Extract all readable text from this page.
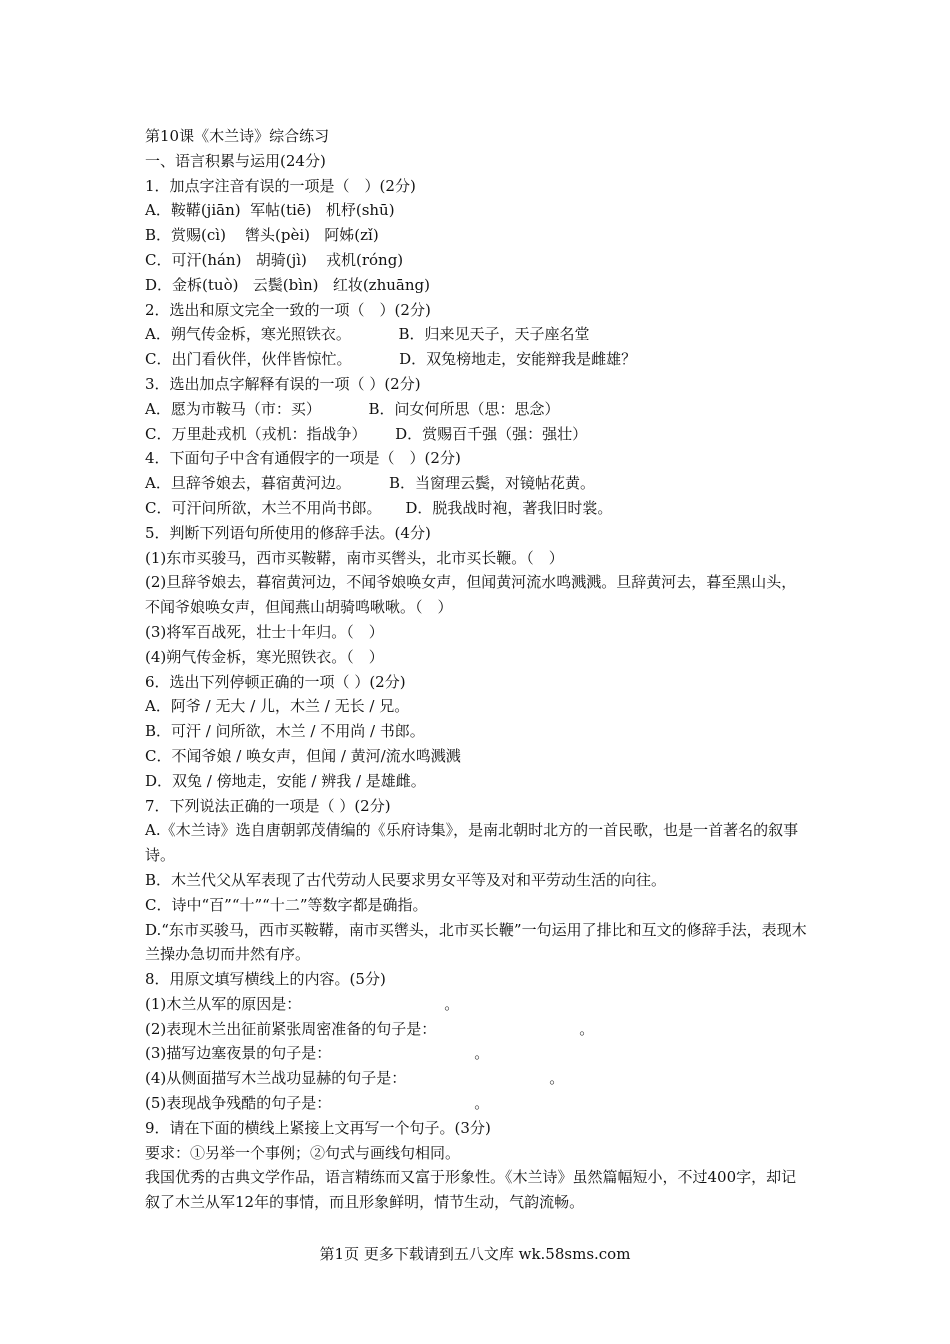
第10课《木兰诗》综合练习
一、语言积累与运用(24分)
1．加点字注音有误的一项是（　）(2分)
A．鞍鞯(jiān)  军帖(tiē)   机杼(shū)
B．赏赐(cì)    辔头(pèi)   阿姊(zǐ)
C．可汗(hán)   胡骑(jì)    戎机(róng)
D．金柝(tuò)   云鬓(bìn)   红妆(zhuāng)
2．选出和原文完全一致的一项（　）(2分)
A．朔气传金柝，寒光照铁衣。          B．归来见天子，天子座名堂
C．出门看伙伴，伙伴皆惊忙。          D．双兔榜地走，安能辩我是雌雄？
3．选出加点字解释有误的一项（ ）(2分)
A．愿为市鞍马（市：买）          B．问女何所思（思：思念）
C．万里赴戎机（戎机：指战争）      D．赏赐百千强（强：强壮）
4．下面句子中含有通假字的一项是（　）(2分)
A．旦辞爷娘去，暮宿黄河边。        B．当窗理云鬓，对镜帖花黄。
C．可汗问所欲，木兰不用尚书郎。     D．脱我战时袍，著我旧时裳。
5．判断下列语句所使用的修辞手法。(4分)
(1)东市买骏马，西市买鞍鞯，南市买辔头，北市买长鞭。（　）
(2)旦辞爷娘去，暮宿黄河边，不闻爷娘唤女声，但闻黄河流水鸣溅溅。旦辞黄河去，暮至黑山头，不闻爷娘唤女声，但闻燕山胡骑鸣啾啾。（　）
(3)将军百战死，壮士十年归。（　）
(4)朔气传金柝，寒光照铁衣。（　）
6．选出下列停顿正确的一项（ ）(2分)
A．阿爷 / 无大 / 儿，木兰 / 无长 / 兄。
B．可汗 / 问所欲，木兰 / 不用尚 / 书郎。
C．不闻爷娘 / 唤女声，但闻 / 黄河/流水鸣溅溅
D．双兔 / 傍地走，安能 / 辨我 / 是雄雌。
7．下列说法正确的一项是（ ）(2分)
A.《木兰诗》选自唐朝郭茂倩编的《乐府诗集》，是南北朝时北方的一首民歌，也是一首著名的叙事诗。
B．木兰代父从军表现了古代劳动人民要求男女平等及对和平劳动生活的向往。
C．诗中“百”“十”“十二”等数字都是确指。
D.“东市买骏马，西市买鞍鞯，南市买辔头，北市买长鞭”一句运用了排比和互文的修辞手法，表现木兰操办急切而井然有序。
8．用原文填写横线上的内容。(5分)
(1)木兰从军的原因是：                              。
(2)表现木兰出征前紧张周密准备的句子是：                              。
(3)描写边塞夜景的句子是：                              。
(4)从侧面描写木兰战功显赫的句子是：                              。
(5)表现战争残酷的句子是：                              。
9．请在下面的横线上紧接上文再写一个句子。(3分)
要求：①另举一个事例；②句式与画线句相同。
我国优秀的古典文学作品，语言精练而又富于形象性。《木兰诗》虽然篇幅短小，不过400字，却记叙了木兰从军12年的事情，而且形象鲜明，情节生动，气韵流畅。
第1页 更多下载请到五八文库 wk.58sms.com
